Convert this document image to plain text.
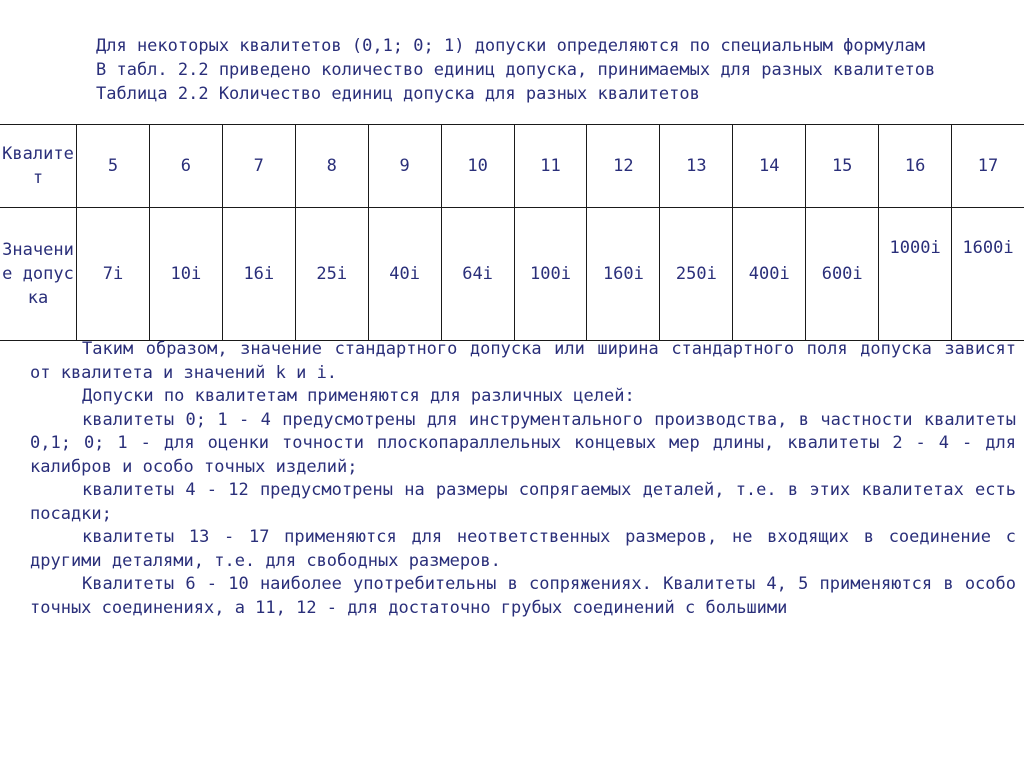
Для некоторых квалитетов (0,1; 0; 1) допуски определяются по специальным формулам
В табл. 2.2 приведено количество единиц допуска, принимаемых для разных квалитетов
Таблица 2.2 Количество единиц допуска для разных квалитетов
Квалитет	5	6	7	8	9	10	11	12	13	14	15	16	17
Значение допуска	7i	10i	16i	25i	40i	64i	100i	160i	250i	400i	600i	1000i	1600i

Таким образом, значение стандартного допуска или ширина стандартного поля допуска зависят от квалитета и значений k и i.

Допуски по квалитетам применяются для различных целей:

квалитеты 0; 1 - 4 предусмотрены для инструментального производства, в частности квалитеты 0,1; 0; 1 - для оценки точности плоскопараллельных концевых мер длины, квалитеты 2 - 4 - для калибров и особо точных изделий;

квалитеты 4 - 12 предусмотрены на размеры сопрягаемых деталей, т.е. в этих квалитетах есть посадки;

квалитеты 13 - 17 применяются для неответственных размеров, не входящих в соединение с другими деталями, т.е. для свободных размеров.

Квалитеты 6 - 10 наиболее употребительны в сопряжениях. Квалитеты 4, 5 применяются в особо точных соединениях, а 11, 12 - для достаточно грубых соединений с большими
